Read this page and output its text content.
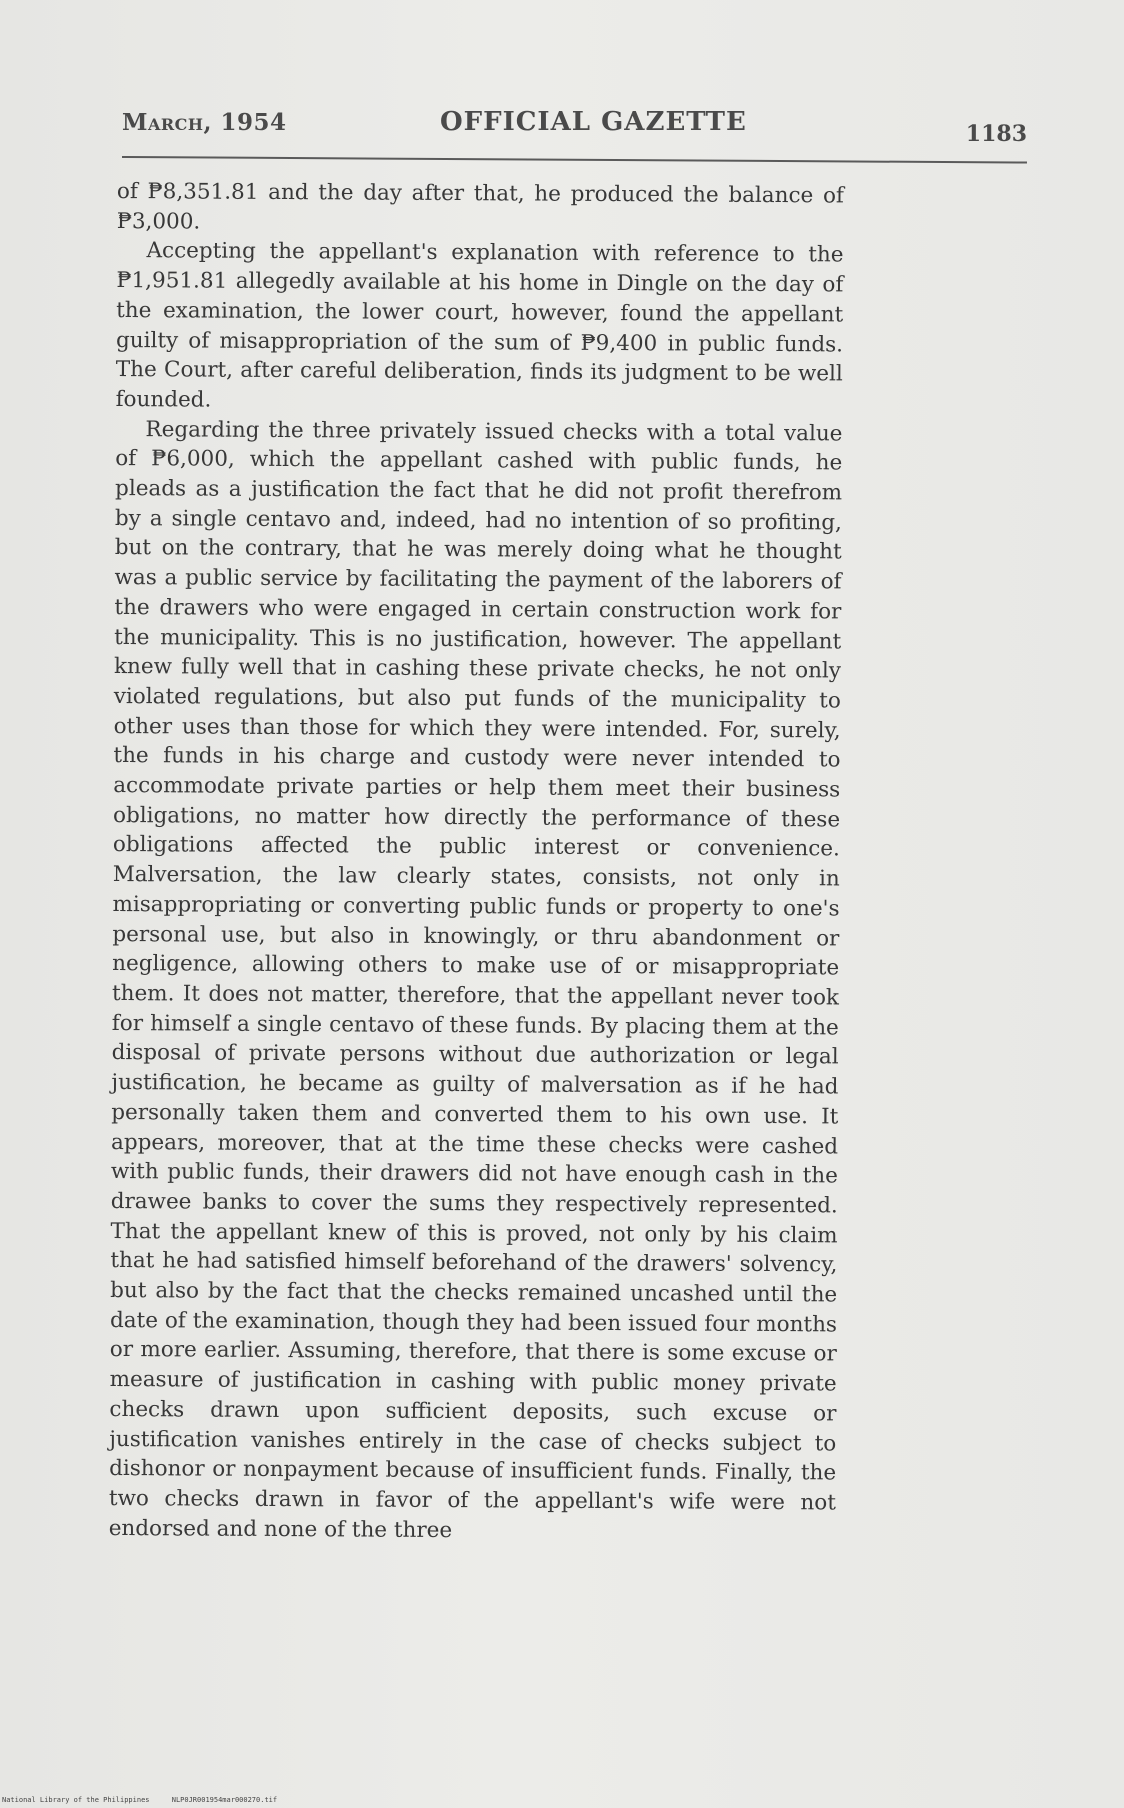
March, 1954	OFFICIAL GAZETTE	1183

of ₱8,351.81 and the day after that, he produced the balance of ₱3,000.

Accepting the appellant's explanation with reference to the ₱1,951.81 allegedly available at his home in Dingle on the day of the examination, the lower court, however, found the appellant guilty of misappropriation of the sum of ₱9,400 in public funds. The Court, after careful deliberation, finds its judgment to be well founded.

Regarding the three privately issued checks with a total value of ₱6,000, which the appellant cashed with public funds, he pleads as a justification the fact that he did not profit therefrom by a single centavo and, indeed, had no intention of so profiting, but on the contrary, that he was merely doing what he thought was a public service by facilitating the payment of the laborers of the drawers who were engaged in certain construction work for the municipality. This is no justification, however. The appellant knew fully well that in cashing these private checks, he not only violated regulations, but also put funds of the municipality to other uses than those for which they were intended. For, surely, the funds in his charge and custody were never intended to accommodate private parties or help them meet their business obligations, no matter how directly the performance of these obligations affected the public interest or convenience. Malversation, the law clearly states, consists, not only in misappropriating or converting public funds or property to one's personal use, but also in knowingly, or thru abandonment or negligence, allowing others to make use of or misappropriate them. It does not matter, therefore, that the appellant never took for himself a single centavo of these funds. By placing them at the disposal of private persons without due authorization or legal justification, he became as guilty of malversation as if he had personally taken them and converted them to his own use. It appears, moreover, that at the time these checks were cashed with public funds, their drawers did not have enough cash in the drawee banks to cover the sums they respectively represented. That the appellant knew of this is proved, not only by his claim that he had satisfied himself beforehand of the drawers' solvency, but also by the fact that the checks remained uncashed until the date of the examination, though they had been issued four months or more earlier. Assuming, therefore, that there is some excuse or measure of justification in cashing with public money private checks drawn upon sufficient deposits, such excuse or justification vanishes entirely in the case of checks subject to dishonor or nonpayment because of insufficient funds. Finally, the two checks drawn in favor of the appellant's wife were not endorsed and none of the three

National Library of the Philippines	NLP0JR001954mar000270.tif
